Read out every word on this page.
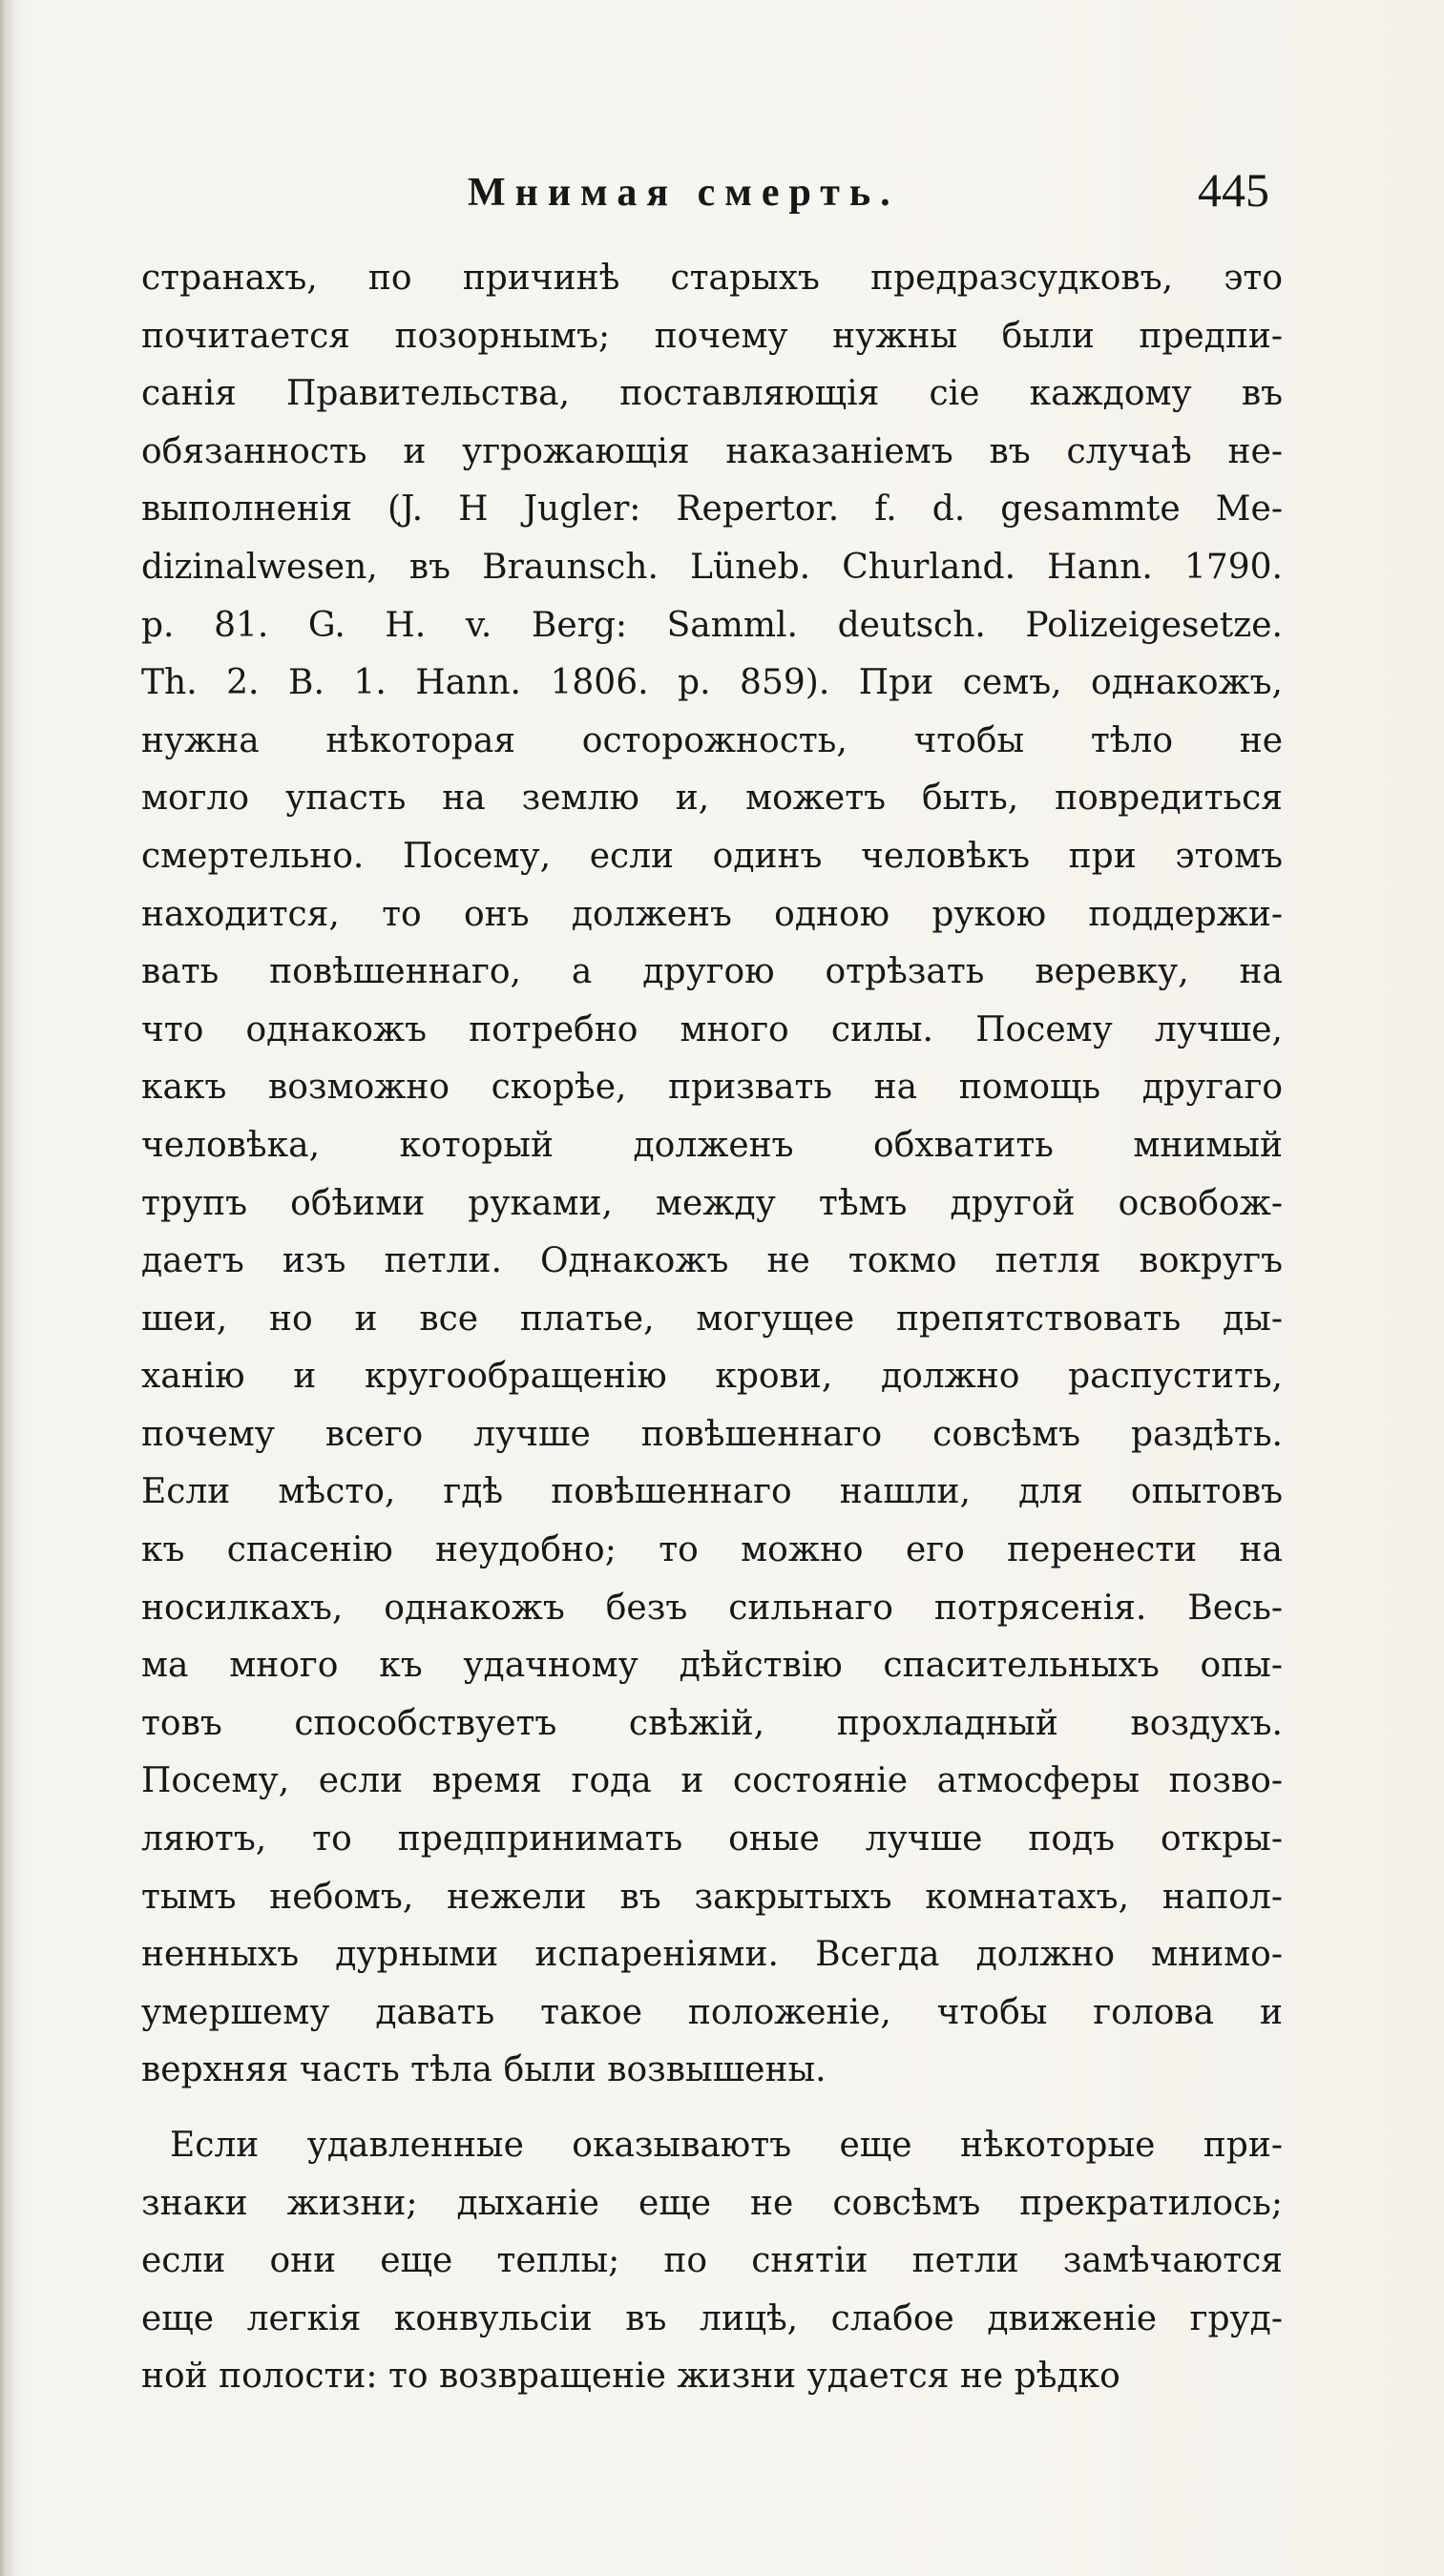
Мнимая смерть.	445
странахъ, по причинѣ старыхъ предразсудковъ, это
почитается позорнымъ; почему нужны были предпи-
санія Правительства, поставляющія сіе каждому въ
обязанность и угрожающія наказаніемъ въ случаѣ не-
выполненія (J. H Jugler: Repertor. f. d. gesammte Me-
dizinalwesen, въ Braunsch. Lüneb. Churland. Hann. 1790.
p. 81. G. H. v. Berg: Samml. deutsch. Polizeigesetze.
Th. 2. B. 1. Hann. 1806. p. 859). При семъ, однакожъ,
нужна нѣкоторая осторожность, чтобы тѣло не
могло упасть на землю и, можетъ быть, повредиться
смертельно. Посему, если одинъ человѣкъ при этомъ
находится, то онъ долженъ одною рукою поддержи-
вать повѣшеннаго, а другою отрѣзать веревку, на
что однакожъ потребно много силы. Посему лучше,
какъ возможно скорѣе, призвать на помощь другаго
человѣка, который долженъ обхватить мнимый
трупъ обѣими руками, между тѣмъ другой освобож-
даетъ изъ петли. Однакожъ не токмо петля вокругъ
шеи, но и все платье, могущее препятствовать ды-
ханію и кругообращенію крови, должно распустить,
почему всего лучше повѣшеннаго совсѣмъ раздѣть.
Если мѣсто, гдѣ повѣшеннаго нашли, для опытовъ
къ спасенію неудобно; то можно его перенести на
носилкахъ, однакожъ безъ сильнаго потрясенія. Весь-
ма много къ удачному дѣйствію спасительныхъ опы-
товъ способствуетъ свѣжій, прохладный воздухъ.
Посему, если время года и состояніе атмосферы позво-
ляютъ, то предпринимать оные лучше подъ откры-
тымъ небомъ, нежели въ закрытыхъ комнатахъ, напол-
ненныхъ дурными испареніями. Всегда должно мнимо-
умершему давать такое положеніе, чтобы голова и
верхняя часть тѣла были возвышены.
Если удавленные оказываютъ еще нѣкоторые при-
знаки жизни; дыханіе еще не совсѣмъ прекратилось;
если они еще теплы; по снятіи петли замѣчаются
еще легкія конвульсіи въ лицѣ, слабое движеніе груд-
ной полости: то возвращеніе жизни удается не рѣдко
